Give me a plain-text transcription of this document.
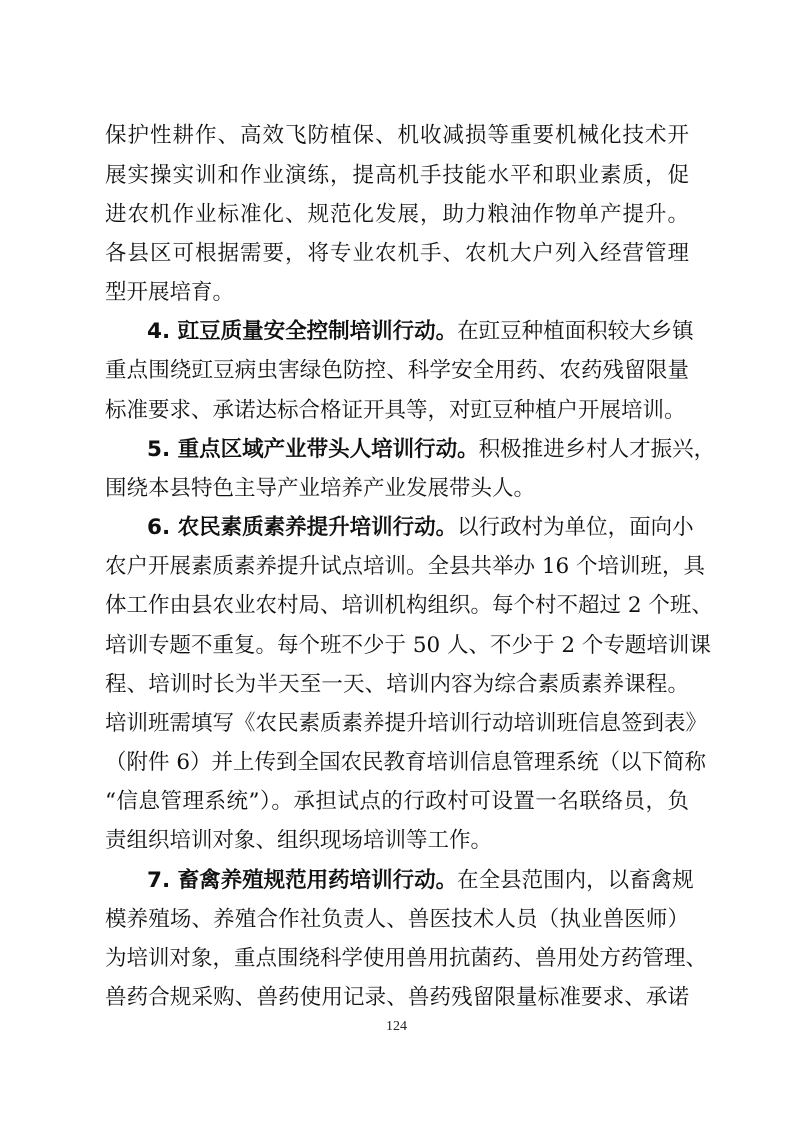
保护性耕作、高效飞防植保、机收减损等重要机械化技术开
展实操实训和作业演练，提高机手技能水平和职业素质，促
进农机作业标准化、规范化发展，助力粮油作物单产提升。
各县区可根据需要，将专业农机手、农机大户列入经营管理
型开展培育。
4. 豇豆质量安全控制培训行动。在豇豆种植面积较大乡镇
重点围绕豇豆病虫害绿色防控、科学安全用药、农药残留限量
标准要求、承诺达标合格证开具等，对豇豆种植户开展培训。
5. 重点区域产业带头人培训行动。积极推进乡村人才振兴，
围绕本县特色主导产业培养产业发展带头人。
6. 农民素质素养提升培训行动。以行政村为单位，面向小
农户开展素质素养提升试点培训。全县共举办 16 个培训班，具
体工作由县农业农村局、培训机构组织。每个村不超过 2 个班、
培训专题不重复。每个班不少于 50 人、不少于 2 个专题培训课
程、培训时长为半天至一天、培训内容为综合素质素养课程。
培训班需填写《农民素质素养提升培训行动培训班信息签到表》
（附件 6）并上传到全国农民教育培训信息管理系统（以下简称
“信息管理系统”）。承担试点的行政村可设置一名联络员，负
责组织培训对象、组织现场培训等工作。
7. 畜禽养殖规范用药培训行动。在全县范围内，以畜禽规
模养殖场、养殖合作社负责人、兽医技术人员（执业兽医师）
为培训对象，重点围绕科学使用兽用抗菌药、兽用处方药管理、
兽药合规采购、兽药使用记录、兽药残留限量标准要求、承诺
124
